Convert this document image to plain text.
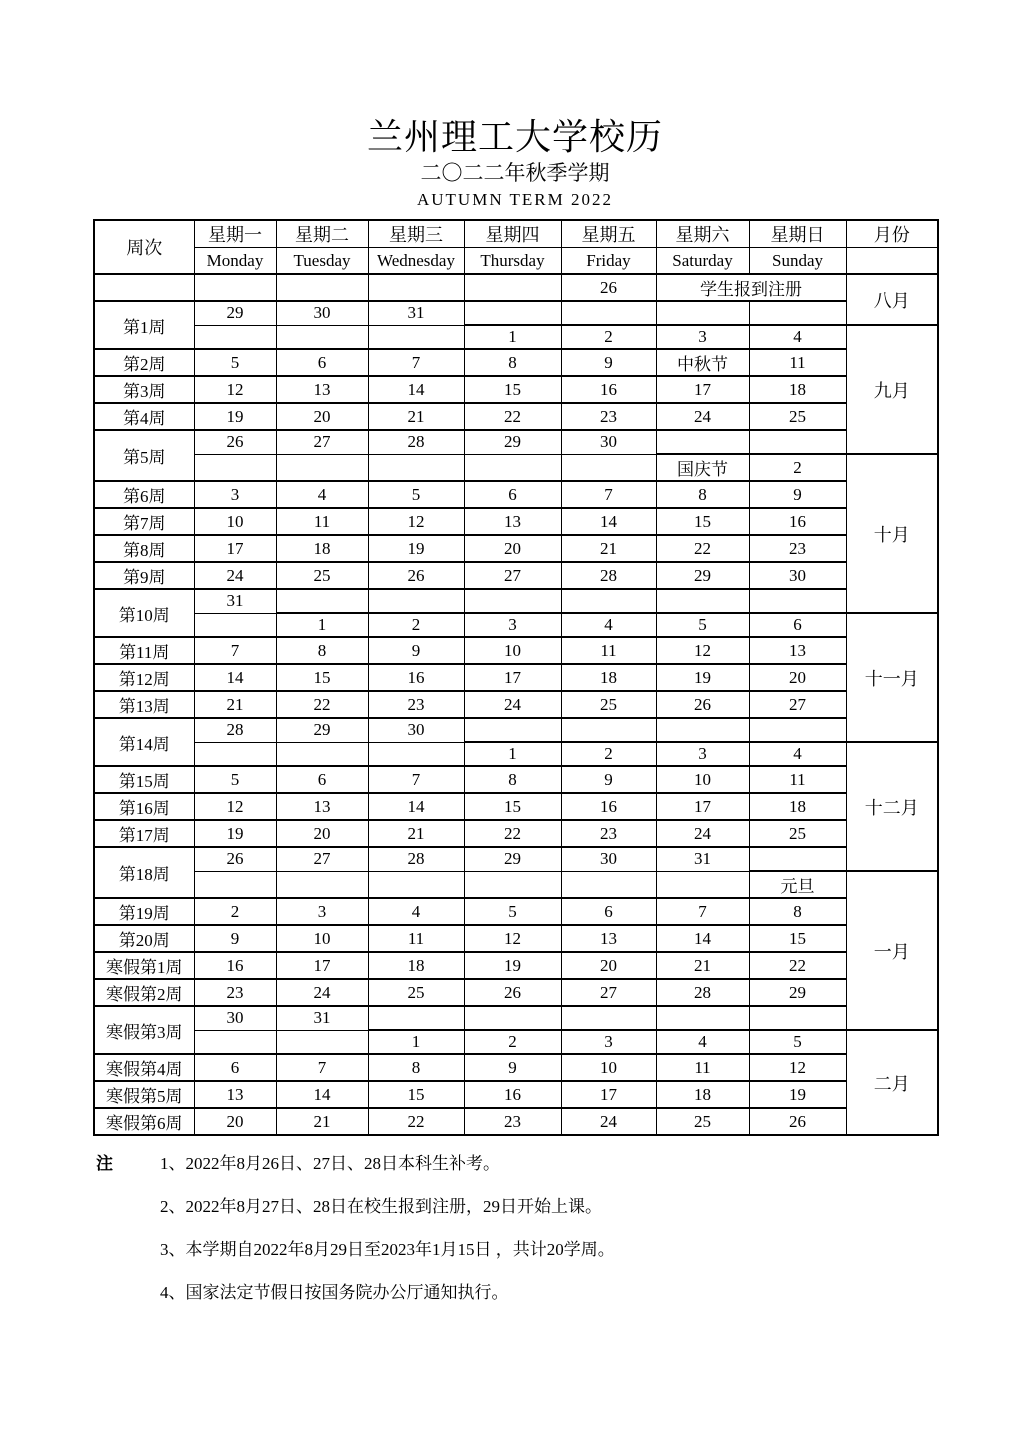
兰州理工大学校历
二〇二二年秋季学期
AUTUMN TERM 2022
周次	星期一	星期二	星期三	星期四	星期五	星期六	星期日	月份
	Monday	Tuesday	Wednesday	Thursday	Friday	Saturday	Sunday	
					26	学生报到注册		八月
第1周	29	30	31					
				1	2	3	4	九月
第2周	5	6	7	8	9	中秋节	11	
第3周	12	13	14	15	16	17	18	
第4周	19	20	21	22	23	24	25	
第5周	26	27	28	29	30			
						国庆节	2	十月
第6周	3	4	5	6	7	8	9	
第7周	10	11	12	13	14	15	16	
第8周	17	18	19	20	21	22	23	
第9周	24	25	26	27	28	29	30	
第10周	31							
		1	2	3	4	5	6	十一月
第11周	7	8	9	10	11	12	13	
第12周	14	15	16	17	18	19	20	
第13周	21	22	23	24	25	26	27	
第14周	28	29	30					
				1	2	3	4	十二月
第15周	5	6	7	8	9	10	11	
第16周	12	13	14	15	16	17	18	
第17周	19	20	21	22	23	24	25	
第18周	26	27	28	29	30	31		
							元旦	一月
第19周	2	3	4	5	6	7	8	
第20周	9	10	11	12	13	14	15	
寒假第1周	16	17	18	19	20	21	22	
寒假第2周	23	24	25	26	27	28	29	
寒假第3周	30	31						
			1	2	3	4	5	二月
寒假第4周	6	7	8	9	10	11	12	
寒假第5周	13	14	15	16	17	18	19	
寒假第6周	20	21	22	23	24	25	26	
注	1、2022年8月26日、27日、28日本科生补考。

2、2022年8月27日、28日在校生报到注册，29日开始上课。

3、本学期自2022年8月29日至2023年1月15日 ，共计20学周。

4、国家法定节假日按国务院办公厅通知执行。
